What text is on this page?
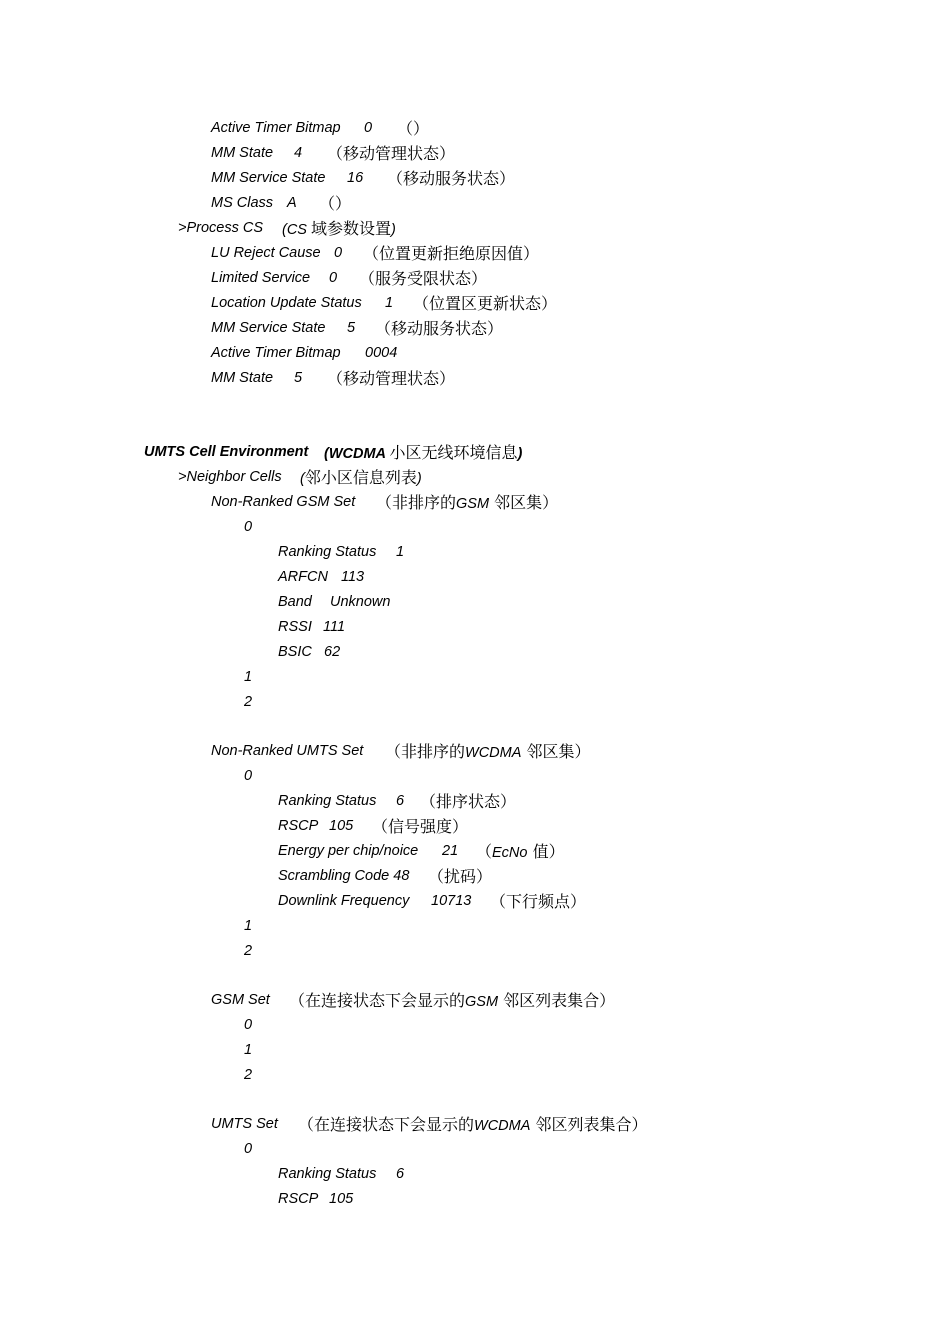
Active Timer Bitmap 0 （）
MM State 4 （移动管理状态）
MM Service State 16 （移动服务状态）
MS Class A （）
>Process CS (CS 域参数设置)
LU Reject Cause 0 （位置更新拒绝原因值）
Limited Service 0 （服务受限状态）
Location Update Status 1 （位置区更新状态）
MM Service State 5 （移动服务状态）
Active Timer Bitmap 0004
MM State 5 （移动管理状态）
UMTS Cell Environment (WCDMA 小区无线环境信息)
>Neighbor Cells (邻小区信息列表)
Non-Ranked GSM Set （非排序的GSM 邻区集）
0
Ranking Status 1
ARFCN 113
Band Unknown
RSSI 111
BSIC 62
1
2
Non-Ranked UMTS Set （非排序的WCDMA 邻区集）
0
Ranking Status 6 （排序状态）
RSCP 105 （信号强度）
Energy per chip/noice 21 （EcNo 值）
Scrambling Code 48 （扰码）
Downlink Frequency 10713 （下行频点）
1
2
GSM Set （在连接状态下会显示的GSM 邻区列表集合）
0
1
2
UMTS Set （在连接状态下会显示的WCDMA 邻区列表集合）
0
Ranking Status 6
RSCP 105
